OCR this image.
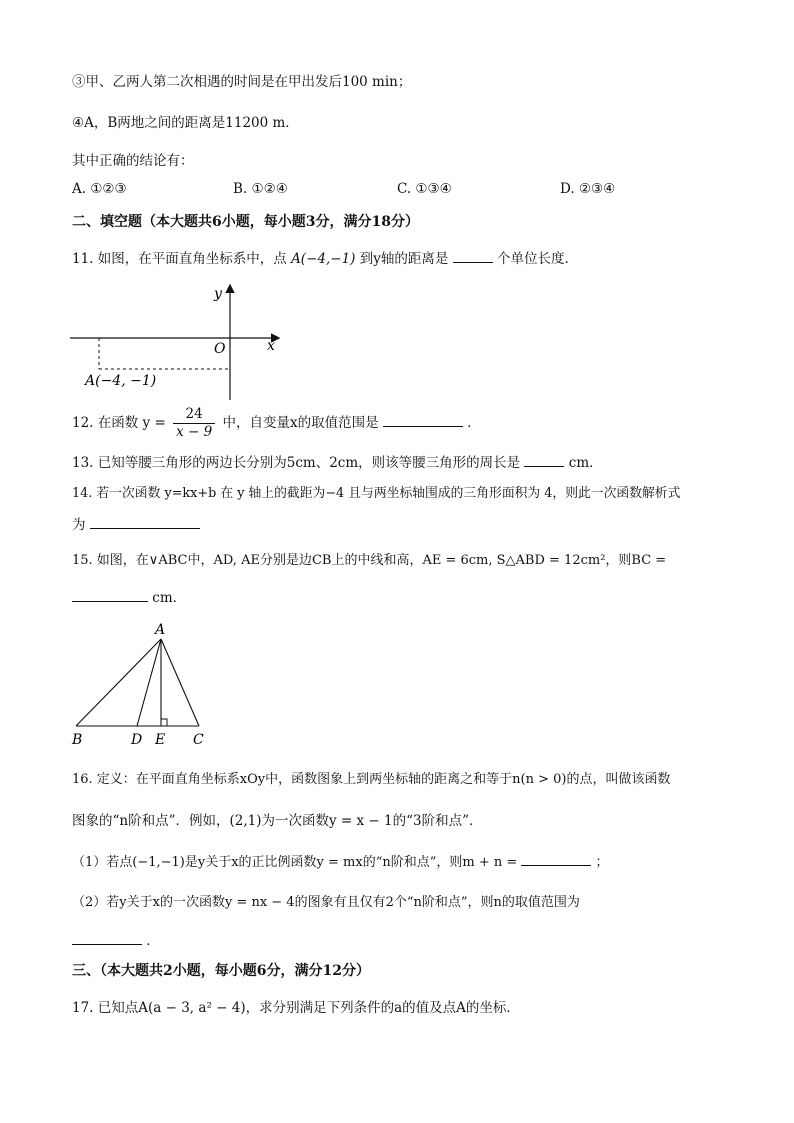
③甲、乙两人第二次相遇的时间是在甲出发后100 min；
④A，B两地之间的距离是11200 m．
其中正确的结论有：
A. ①②③	B. ①②④	C. ①③④	D. ②③④
二、填空题（本大题共6小题，每小题3分，满分18分）
11. 如图，在平面直角坐标系中，点 A(−4,−1) 到y轴的距离是	个单位长度．
y
x
O
A(−4, −1)
12. 在函数 $y = \frac{24}{x - 9}$ 中，自变量x的取值范围是	．
13. 已知等腰三角形的两边长分别为5cm、2cm，则该等腰三角形的周长是	cm．
14. 若一次函数 y=kx+b 在 y 轴上的截距为−4 且与两坐标轴围成的三角形面积为 4，则此一次函数解析式
为
15. 如图，在∨ABC中，AD, AE分别是边CB上的中线和高，AE = 6cm, S△ABD = 12cm²，则BC =
cm．
A
B	D E C
16. 定义：在平面直角坐标系xOy中，函数图象上到两坐标轴的距离之和等于n(n > 0)的点，叫做该函数
图象的“n阶和点”．例如，(2,1)为一次函数y = x − 1的“3阶和点”．
（1）若点(−1,−1)是y关于x的正比例函数y = mx的“n阶和点”，则m + n =	；
（2）若y关于x的一次函数y = nx − 4的图象有且仅有2个“n阶和点”，则n的取值范围为
．
三、（本大题共2小题，每小题6分，满分12分）
17. 已知点A(a − 3, a² − 4)，求分别满足下列条件的a的值及点A的坐标．
